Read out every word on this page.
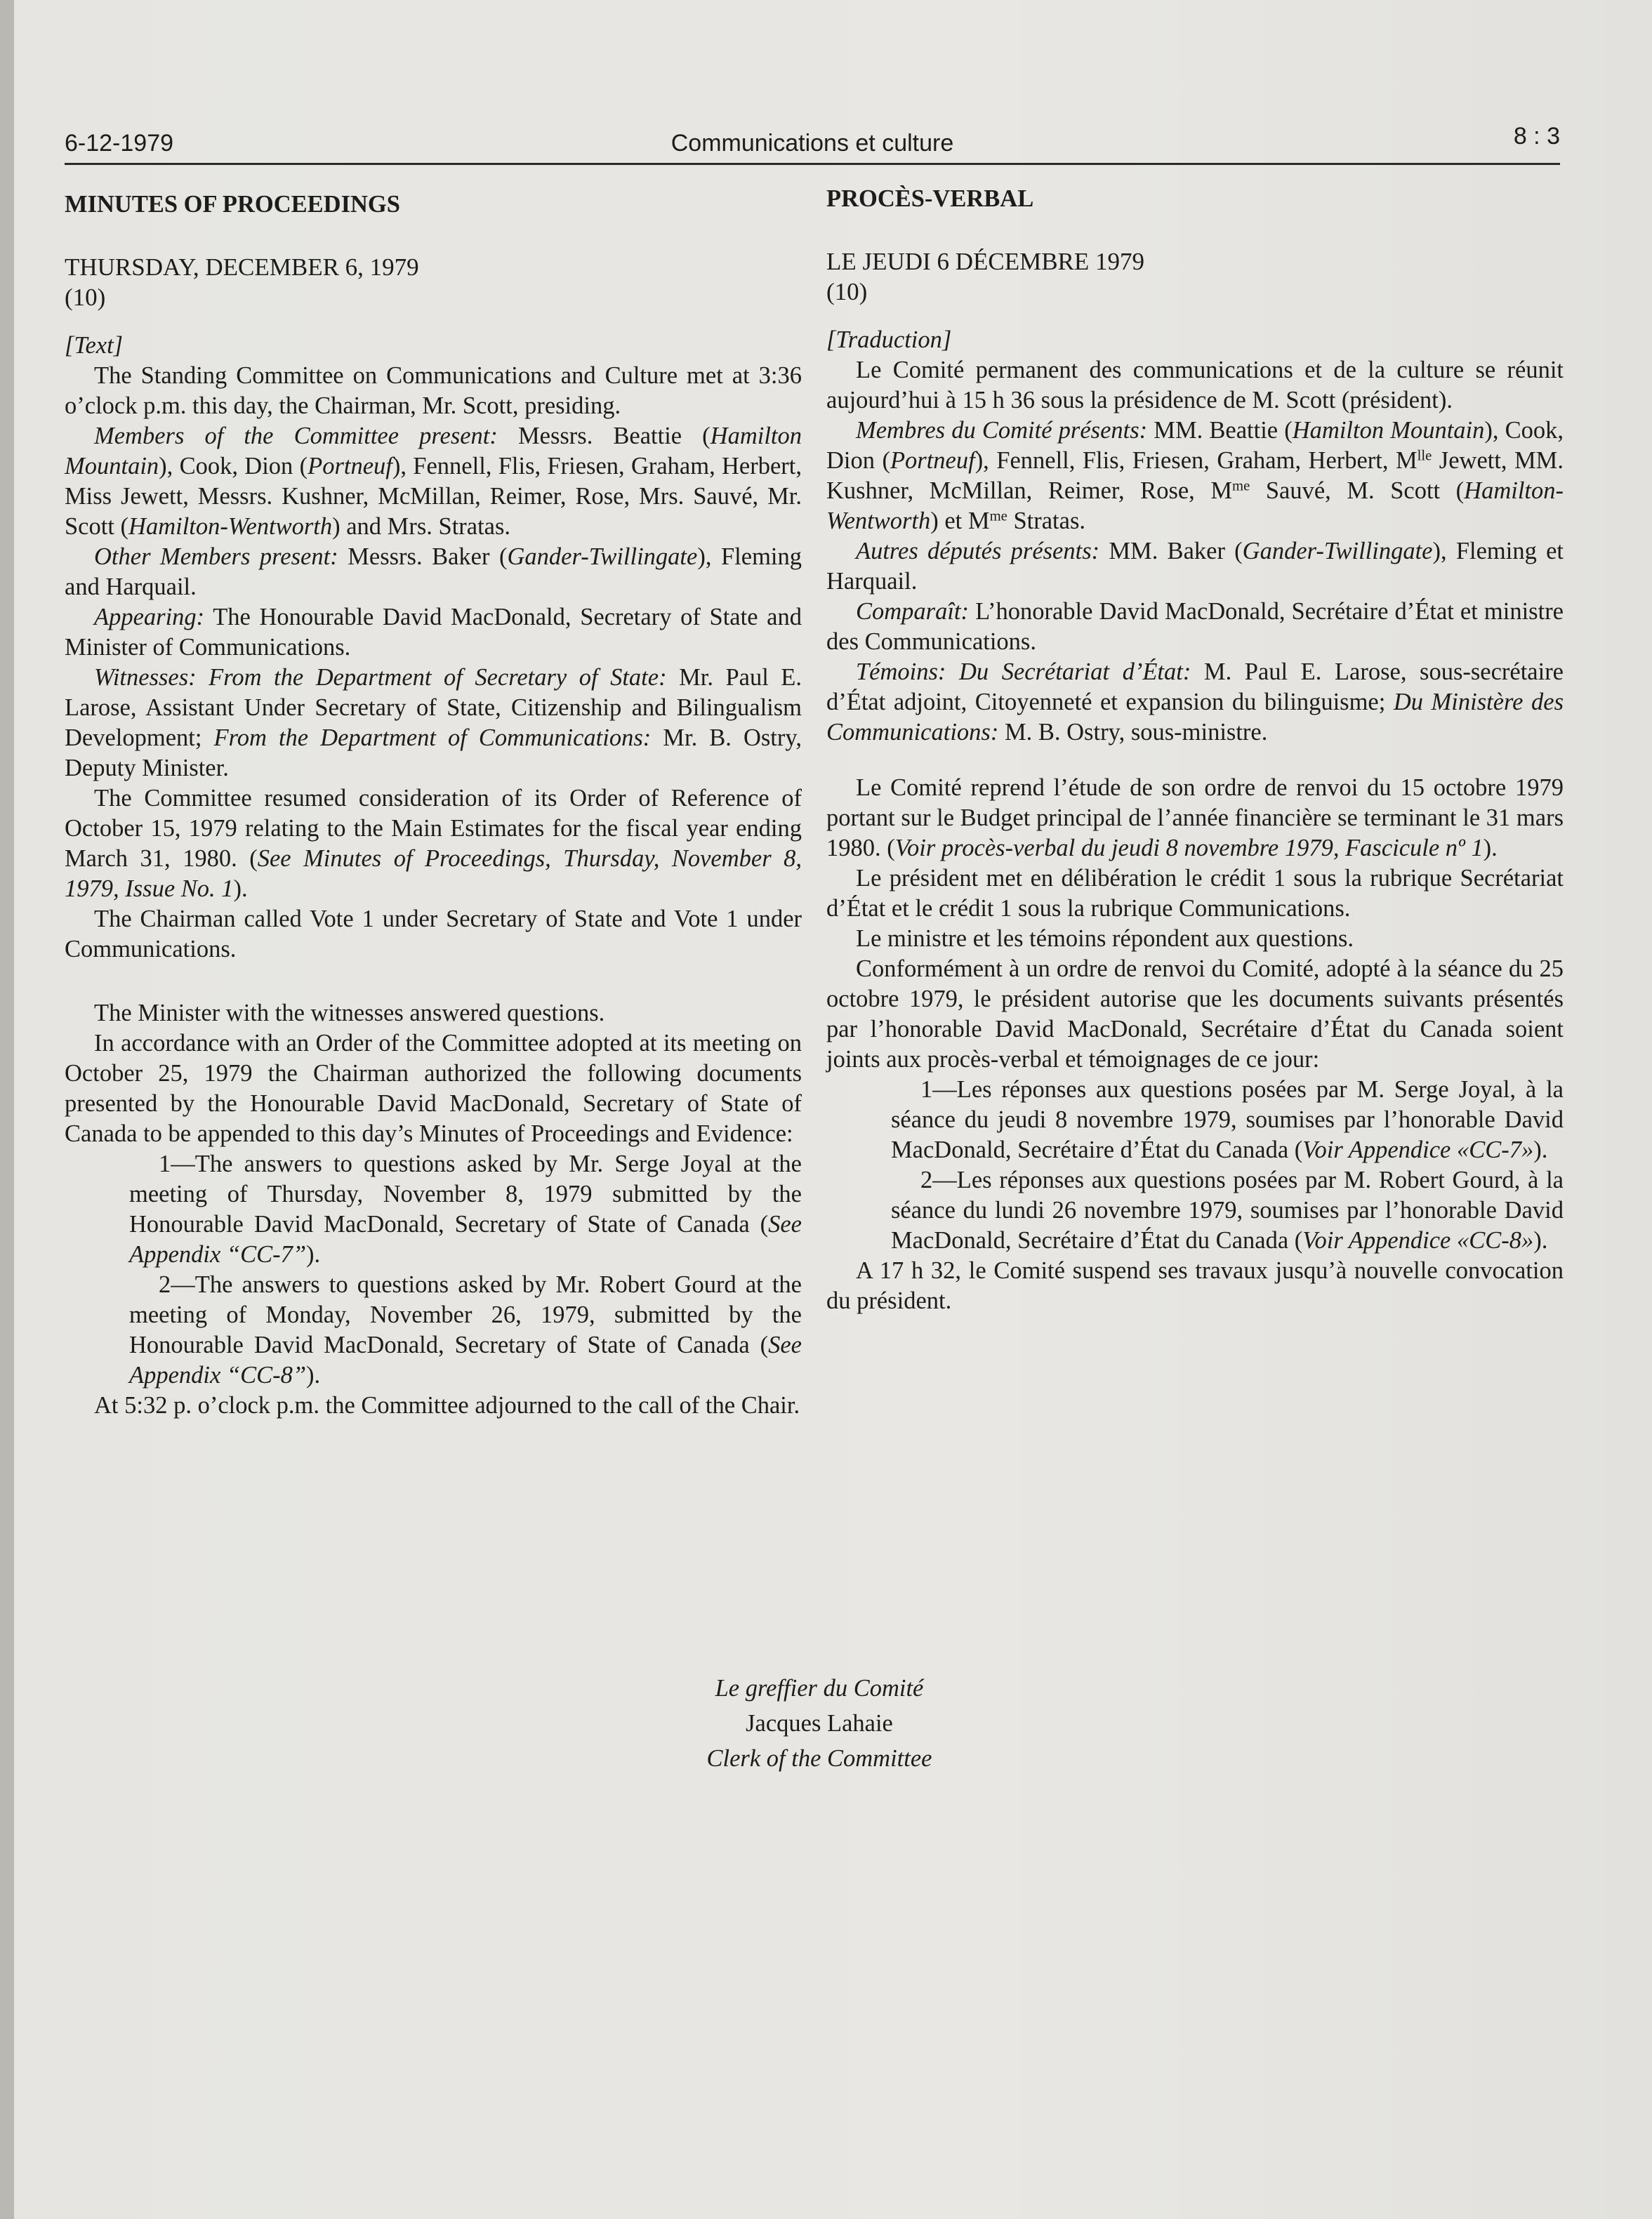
6-12-1979	Communications et culture	8 : 3

MINUTES OF PROCEEDINGS

THURSDAY, DECEMBER 6, 1979
(10)

[Text]

The Standing Committee on Communications and Culture met at 3:36 o’clock p.m. this day, the Chairman, Mr. Scott, presiding.

Members of the Committee present: Messrs. Beattie (Hamilton Mountain), Cook, Dion (Portneuf), Fennell, Flis, Friesen, Graham, Herbert, Miss Jewett, Messrs. Kushner, McMillan, Reimer, Rose, Mrs. Sauvé, Mr. Scott (Hamilton-Wentworth) and Mrs. Stratas.

Other Members present: Messrs. Baker (Gander-Twillingate), Fleming and Harquail.

Appearing: The Honourable David MacDonald, Secretary of State and Minister of Communications.

Witnesses: From the Department of Secretary of State: Mr. Paul E. Larose, Assistant Under Secretary of State, Citizenship and Bilingualism Development; From the Department of Communications: Mr. B. Ostry, Deputy Minister.

The Committee resumed consideration of its Order of Reference of October 15, 1979 relating to the Main Estimates for the fiscal year ending March 31, 1980. (See Minutes of Proceedings, Thursday, November 8, 1979, Issue No. 1).

The Chairman called Vote 1 under Secretary of State and Vote 1 under Communications.

The Minister with the witnesses answered questions.

In accordance with an Order of the Committee adopted at its meeting on October 25, 1979 the Chairman authorized the following documents presented by the Honourable David MacDonald, Secretary of State of Canada to be appended to this day’s Minutes of Proceedings and Evidence:

1—The answers to questions asked by Mr. Serge Joyal at the meeting of Thursday, November 8, 1979 submitted by the Honourable David MacDonald, Secretary of State of Canada (See Appendix “CC-7”).

2—The answers to questions asked by Mr. Robert Gourd at the meeting of Monday, November 26, 1979, submitted by the Honourable David MacDonald, Secretary of State of Canada (See Appendix “CC-8”).

At 5:32 p. o’clock p.m. the Committee adjourned to the call of the Chair.

PROCÈS-VERBAL

LE JEUDI 6 DÉCEMBRE 1979
(10)

[Traduction]

Le Comité permanent des communications et de la culture se réunit aujourd’hui à 15 h 36 sous la présidence de M. Scott (président).

Membres du Comité présents: MM. Beattie (Hamilton Mountain), Cook, Dion (Portneuf), Fennell, Flis, Friesen, Graham, Herbert, $M^{lle}$ Jewett, MM. Kushner, McMillan, Reimer, Rose, $M^{me}$ Sauvé, M. Scott (Hamilton-Wentworth) et $M^{me}$ Stratas.

Autres députés présents: MM. Baker (Gander-Twillingate), Fleming et Harquail.

Comparaît: L’honorable David MacDonald, Secrétaire d’État et ministre des Communications.

Témoins: Du Secrétariat d’État: M. Paul E. Larose, sous-secrétaire d’État adjoint, Citoyenneté et expansion du bilinguisme; Du Ministère des Communications: M. B. Ostry, sous-ministre.

Le Comité reprend l’étude de son ordre de renvoi du 15 octobre 1979 portant sur le Budget principal de l’année financière se terminant le 31 mars 1980. (Voir procès-verbal du jeudi 8 novembre 1979, Fascicule nº 1).

Le président met en délibération le crédit 1 sous la rubrique Secrétariat d’État et le crédit 1 sous la rubrique Communications.

Le ministre et les témoins répondent aux questions.

Conformément à un ordre de renvoi du Comité, adopté à la séance du 25 octobre 1979, le président autorise que les documents suivants présentés par l’honorable David MacDonald, Secrétaire d’État du Canada soient joints aux procès-verbal et témoignages de ce jour:

1—Les réponses aux questions posées par M. Serge Joyal, à la séance du jeudi 8 novembre 1979, soumises par l’honorable David MacDonald, Secrétaire d’État du Canada (Voir Appendice «CC-7»).

2—Les réponses aux questions posées par M. Robert Gourd, à la séance du lundi 26 novembre 1979, soumises par l’honorable David MacDonald, Secrétaire d’État du Canada (Voir Appendice «CC-8»).

A 17 h 32, le Comité suspend ses travaux jusqu’à nouvelle convocation du président.

Le greffier du Comité
Jacques Lahaie
Clerk of the Committee
